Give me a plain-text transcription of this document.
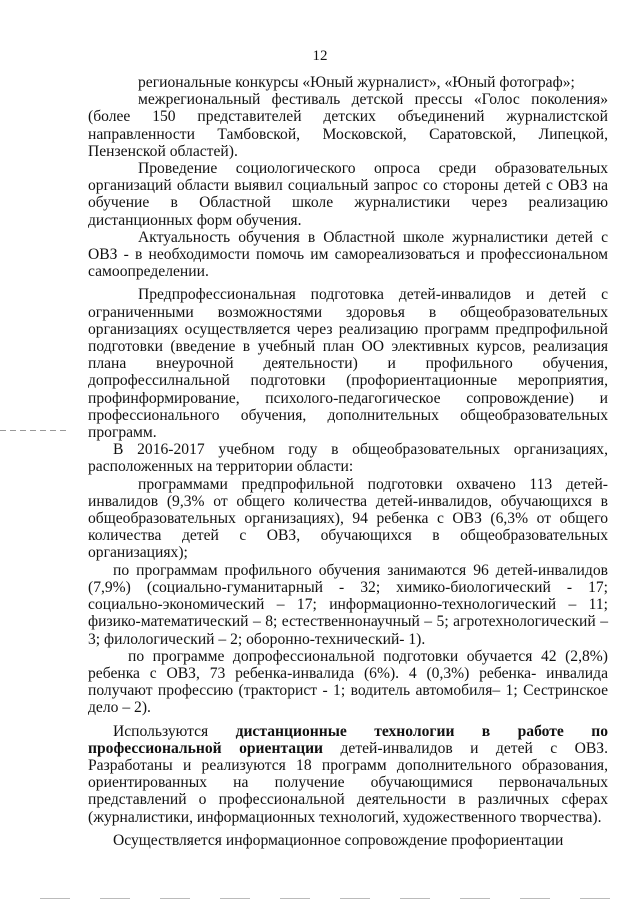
12

региональные конкурсы «Юный журналист», «Юный фотограф»;

межрегиональный фестиваль детской прессы «Голос поколения» (более 150 представителей детских объединений журналистской направленности Тамбовской, Московской, Саратовской, Липецкой, Пензенской областей).

Проведение социологического опроса среди образовательных организаций области выявил социальный запрос со стороны детей с ОВЗ на обучение в Областной школе журналистики через реализацию дистанционных форм обучения.

Актуальность обучения в Областной школе журналистики детей с ОВЗ - в необходимости помочь им самореализоваться и профессиональном самоопределении.

Предпрофессиональная подготовка детей-инвалидов и детей с ограниченными возможностями здоровья в общеобразовательных организациях осуществляется через реализацию программ предпрофильной подготовки (введение в учебный план ОО элективных курсов, реализация плана внеурочной деятельности) и профильного обучения, допрофессилнальной подготовки (профориентационные мероприятия, профинформирование, психолого-педагогическое сопровождение) и профессионального обучения, дополнительных общеобразовательных программ.

В 2016-2017 учебном году в общеобразовательных организациях, расположенных на территории области:

программами предпрофильной подготовки охвачено 113 детей-инвалидов (9,3% от общего количества детей-инвалидов, обучающихся в общеобразовательных организациях), 94 ребенка с ОВЗ (6,3% от общего количества детей с ОВЗ, обучающихся в общеобразовательных организациях);

по программам профильного обучения занимаются 96 детей-инвалидов (7,9%) (социально-гуманитарный - 32; химико-биологический - 17; социально-экономический – 17; информационно-технологический – 11; физико-математический – 8; естественнонаучный – 5; агротехнологический – 3; филологический – 2; оборонно-технический- 1).

по программе допрофессиональной подготовки обучается 42 (2,8%) ребенка с ОВЗ, 73 ребенка-инвалида (6%). 4 (0,3%) ребенка- инвалида получают профессию (тракторист - 1; водитель автомобиля– 1; Сестринское дело – 2).

Используются дистанционные технологии в работе по профессиональной ориентации детей-инвалидов и детей с ОВЗ. Разработаны и реализуются 18 программ дополнительного образования, ориентированных на получение обучающимися первоначальных представлений о профессиональной деятельности в различных сферах (журналистики, информационных технологий, художественного творчества).

Осуществляется информационное сопровождение профориентации
